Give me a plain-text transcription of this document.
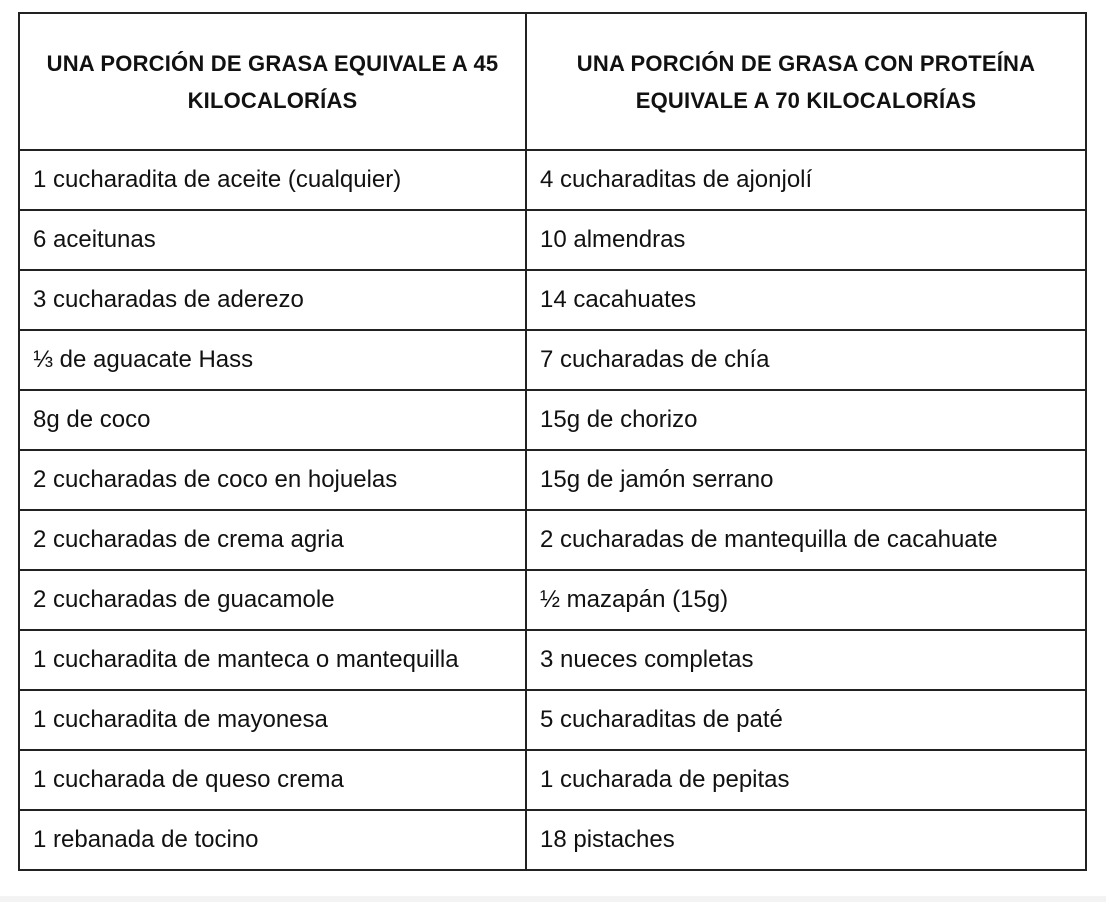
UNA PORCIÓN DE GRASA EQUIVALE A 45 KILOCALORÍAS	UNA PORCIÓN DE GRASA CON PROTEÍNA EQUIVALE A 70 KILOCALORÍAS
1 cucharadita de aceite (cualquier)	4 cucharaditas de ajonjolí
6 aceitunas	10 almendras
3 cucharadas de aderezo	14 cacahuates
⅓ de aguacate Hass	7 cucharadas de chía
8g de coco	15g de chorizo
2 cucharadas de coco en hojuelas	15g de jamón serrano
2 cucharadas de crema agria	2 cucharadas de mantequilla de cacahuate
2 cucharadas de guacamole	½ mazapán (15g)
1 cucharadita de manteca o mantequilla	3 nueces completas
1 cucharadita de mayonesa	5 cucharaditas de paté
1 cucharada de queso crema	1 cucharada de pepitas
1 rebanada de tocino	18 pistaches
